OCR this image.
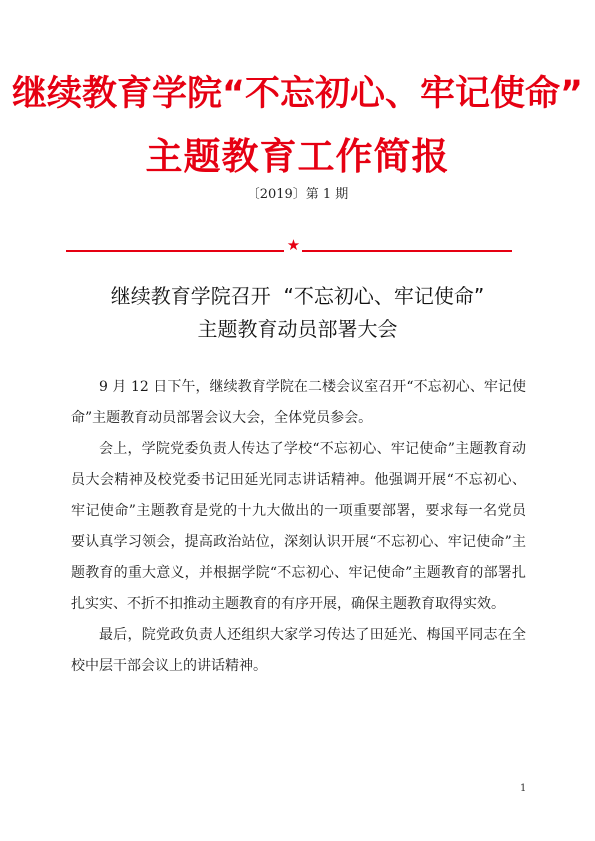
继续教育学院“不忘初心、牢记使命”
主题教育工作简报
〔2019〕第 1 期
★
继续教育学院召开  “不忘初心、牢记使命”
主题教育动员部署大会

9 月 12 日下午，继续教育学院在二楼会议室召开“不忘初心、牢记使命”主题教育动员部署会议大会，全体党员参会。

会上，学院党委负责人传达了学校“不忘初心、牢记使命”主题教育动员大会精神及校党委书记田延光同志讲话精神。他强调开展“不忘初心、牢记使命”主题教育是党的十九大做出的一项重要部署，要求每一名党员要认真学习领会，提高政治站位，深刻认识开展“不忘初心、牢记使命”主题教育的重大意义，并根据学院“不忘初心、牢记使命”主题教育的部署扎扎实实、不折不扣推动主题教育的有序开展，确保主题教育取得实效。

最后，院党政负责人还组织大家学习传达了田延光、梅国平同志在全校中层干部会议上的讲话精神。

1
